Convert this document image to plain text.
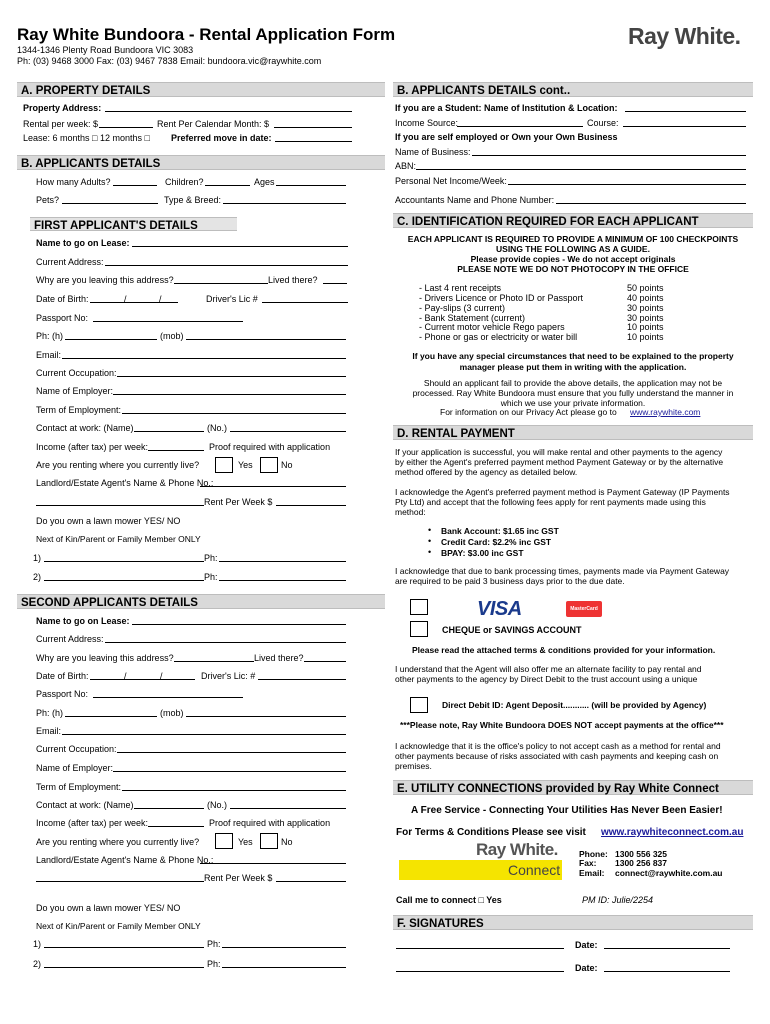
Ray White Bundoora - Rental Application Form
1344-1346 Plenty Road Bundoora VIC 3083
Ph: (03) 9468 3000 Fax: (03) 9467 7838 Email: bundoora.vic@raywhite.com
Ray White.
A. PROPERTY DETAILS
Property Address:
Rental per week: $	Rent Per Calendar Month: $
Lease: 6 months □ 12 months □ Preferred move in date:
B. APPLICANTS DETAILS
How many Adults?	Children?	Ages
Pets?	Type & Breed:
FIRST APPLICANT'S DETAILS
Name to go on Lease:
Current Address:
Why are you leaving this address?	Lived there?
Date of Birth:	/	/	Driver's Lic #
Passport No:
Ph: (h)	(mob)
Email:
Current Occupation:
Name of Employer:
Term of Employment:
Contact at work: (Name)	(No.)
Income (after tax) per week:	Proof required with application
Are you renting where you currently live?	Yes	No
Landlord/Estate Agent's Name & Phone No.:
Rent Per Week $
Do you own a lawn mower YES/ NO
Next of Kin/Parent or Family Member ONLY
1)	Ph:
2)	Ph:
SECOND APPLICANTS DETAILS
Name to go on Lease:
Current Address:
Why are you leaving this address?	Lived there?
Date of Birth:	/	/	Driver's Lic: #
Passport No:
Ph: (h)	(mob)
Email:
Current Occupation:
Name of Employer:
Term of Employment:
Contact at work: (Name)	(No.)
Income (after tax) per week:	Proof required with application
Are you renting where you currently live?	Yes	No
Landlord/Estate Agent's Name & Phone No.:
Rent Per Week $
Do you own a lawn mower YES/ NO
Next of Kin/Parent or Family Member ONLY
1)	Ph:
2)	Ph:
B. APPLICANTS DETAILS cont..
If you are a Student: Name of Institution & Location:
Income Source:	Course:
If you are self employed or Own your Own Business
Name of Business:
ABN:
Personal Net Income/Week:
Accountants Name and Phone Number:
C. IDENTIFICATION REQUIRED FOR EACH APPLICANT
EACH APPLICANT IS REQUIRED TO PROVIDE A MINIMUM OF 100 CHECKPOINTS
USING THE FOLLOWING AS A GUIDE.
Please provide copies - We do not accept originals
PLEASE NOTE WE DO NOT PHOTOCOPY IN THE OFFICE
- Last 4 rent receipts	50 points
- Drivers Licence or Photo ID or Passport	40 points
- Pay-slips (3 current)	30 points
- Bank Statement (current)	30 points
- Current motor vehicle Rego papers	10 points
- Phone or gas or electricity or water bill	10 points
If you have any special circumstances that need to be explained to the property
manager please put them in writing with the application.
Should an applicant fail to provide the above details, the application may not be
processed. Ray White Bundoora must ensure that you fully understand the manner in
which we use your private information.
For information on our Privacy Act please go to www.raywhite.com
D. RENTAL PAYMENT
If your application is successful, you will make rental and other payments to the agency
by either the Agent's preferred payment method Payment Gateway or by the alternative
method offered by the agency as detailed below.
I acknowledge the Agent's preferred payment method is Payment Gateway (IP Payments
Pty Ltd) and accept that the following fees apply for rent payments made using this
method:
• Bank Account: $1.65 inc GST
• Credit Card: $2.2% inc GST
• BPAY: $3.00 inc GST
I acknowledge that due to bank processing times, payments made via Payment Gateway
are required to be paid 3 business days prior to the due date.
VISA	MasterCard
CHEQUE or SAVINGS ACCOUNT
Please read the attached terms & conditions provided for your information.
I understand that the Agent will also offer me an alternate facility to pay rental and
other payments to the agency by Direct Debit to the trust account using a unique
Direct Debit ID: Agent Deposit........... (will be provided by Agency)
***Please note, Ray White Bundoora DOES NOT accept payments at the office***
I acknowledge that it is the office's policy to not accept cash as a method for rental and
other payments because of risks associated with cash payments and keeping cash on
premises.
E. UTILITY CONNECTIONS provided by Ray White Connect
A Free Service - Connecting Your Utilities Has Never Been Easier!
For Terms & Conditions Please see visit www.raywhiteconnect.com.au
Ray White.
Connect
Phone: 1300 556 325
Fax: 1300 256 837
Email: connect@raywhite.com.au
Call me to connect □ Yes	PM ID: Julie/2254
F. SIGNATURES
Date:
Date:
